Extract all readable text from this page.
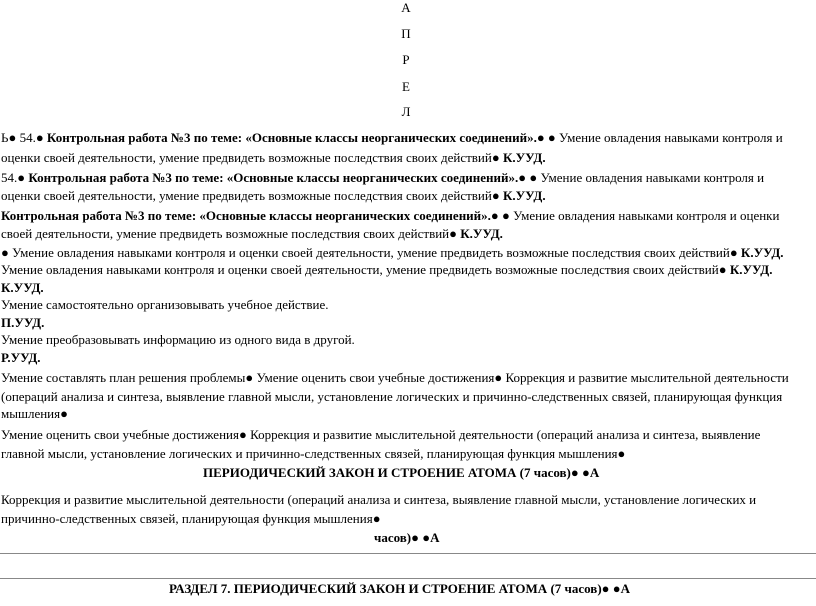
А
П
Р
Е
Л
Ь● 54.● Контрольная работа №3 по теме: «Основные классы неорганических соединений».● ● Умение овладения навыками контроля и
оценки своей деятельности, умение предвидеть возможные последствия своих действий● К.УУД.
54.● Контрольная работа №3 по теме: «Основные классы неорганических соединений».● ● Умение овладения навыками контроля и
оценки своей деятельности, умение предвидеть возможные последствия своих действий● К.УУД.
Контрольная работа №3 по теме: «Основные классы неорганических соединений».● ● Умение овладения навыками контроля и оценки
своей деятельности, умение предвидеть возможные последствия своих действий● К.УУД.
● Умение овладения навыками контроля и оценки своей деятельности, умение предвидеть возможные последствия своих действий● К.УУД.
Умение овладения навыками контроля и оценки своей деятельности, умение предвидеть возможные последствия своих действий● К.УУД.
К.УУД.
Умение самостоятельно организовывать учебное действие.
П.УУД.
Умение преобразовывать информацию из одного вида в другой.
Р.УУД.
Умение составлять план решения проблемы● Умение оценить свои учебные достижения● Коррекция и развитие мыслительной деятельности
(операций анализа и синтеза, выявление главной мысли, установление логических и причинно-следственных связей, планирующая функция
мышления●
Умение оценить свои учебные достижения● Коррекция и развитие мыслительной деятельности (операций анализа и синтеза, выявление
главной мысли, установление логических и причинно-следственных связей, планирующая функция мышления●
ПЕРИОДИЧЕСКИЙ ЗАКОН И СТРОЕНИЕ АТОМА (7 часов)● ●А
Коррекция и развитие мыслительной деятельности (операций анализа и синтеза, выявление главной мысли, установление логических и
причинно-следственных связей, планирующая функция мышления●
часов)● ●А
РАЗДЕЛ 7. ПЕРИОДИЧЕСКИЙ ЗАКОН И СТРОЕНИЕ АТОМА (7 часов)● ●А
